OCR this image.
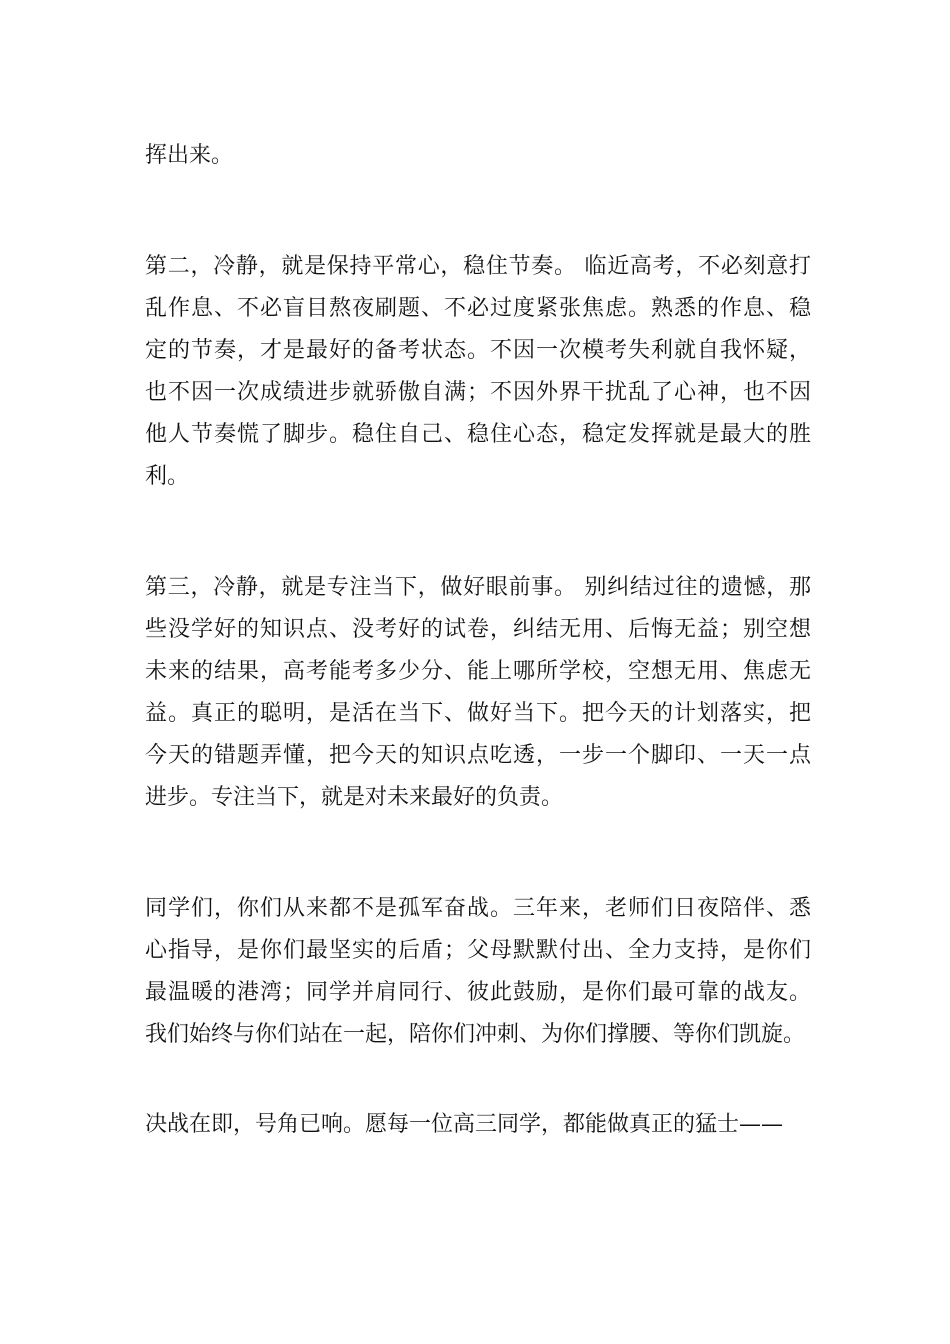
挥出来。
第二，冷静，就是保持平常心，稳住节奏。 临近高考，不必刻意打
乱作息、不必盲目熬夜刷题、不必过度紧张焦虑。熟悉的作息、稳
定的节奏，才是最好的备考状态。不因一次模考失利就自我怀疑，
也不因一次成绩进步就骄傲自满；不因外界干扰乱了心神，也不因
他人节奏慌了脚步。稳住自己、稳住心态，稳定发挥就是最大的胜
利。
第三，冷静，就是专注当下，做好眼前事。 别纠结过往的遗憾，那
些没学好的知识点、没考好的试卷，纠结无用、后悔无益；别空想
未来的结果，高考能考多少分、能上哪所学校，空想无用、焦虑无
益。真正的聪明，是活在当下、做好当下。把今天的计划落实，把
今天的错题弄懂，把今天的知识点吃透，一步一个脚印、一天一点
进步。专注当下，就是对未来最好的负责。
同学们，你们从来都不是孤军奋战。三年来，老师们日夜陪伴、悉
心指导，是你们最坚实的后盾；父母默默付出、全力支持，是你们
最温暖的港湾；同学并肩同行、彼此鼓励，是你们最可靠的战友。
我们始终与你们站在一起，陪你们冲刺、为你们撑腰、等你们凯旋。
决战在即，号角已响。愿每一位高三同学，都能做真正的猛士——
